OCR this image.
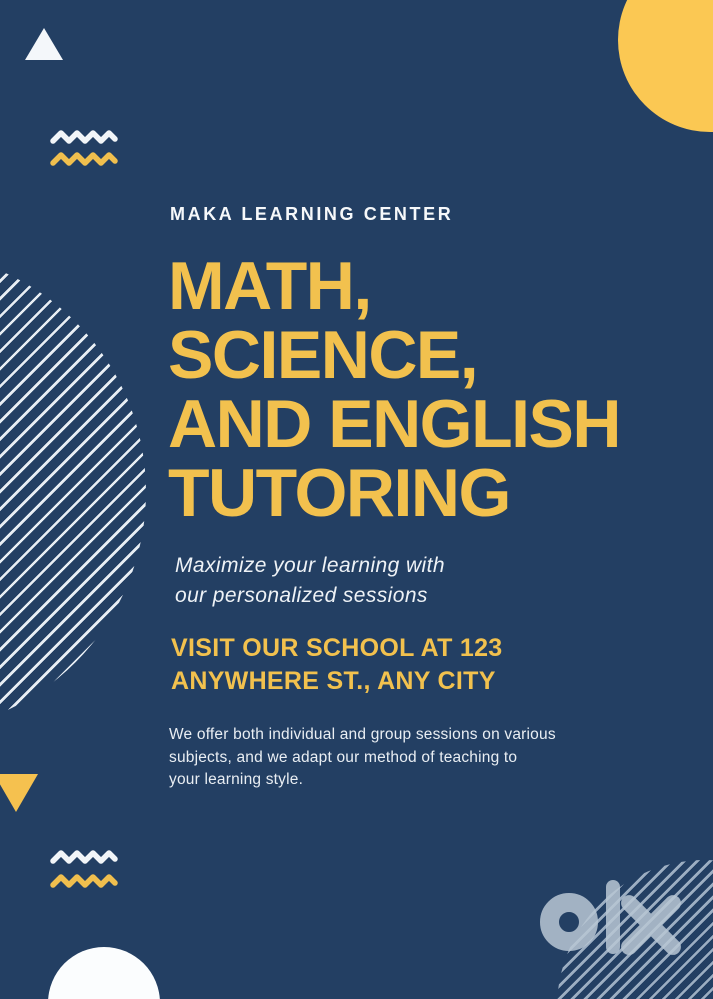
MAKA LEARNING CENTER
MATH,
SCIENCE,
AND ENGLISH
TUTORING
Maximize your learning with
our personalized sessions
VISIT OUR SCHOOL AT 123
ANYWHERE ST., ANY CITY
We offer both individual and group sessions on various
subjects, and we adapt our method of teaching to
your learning style.
